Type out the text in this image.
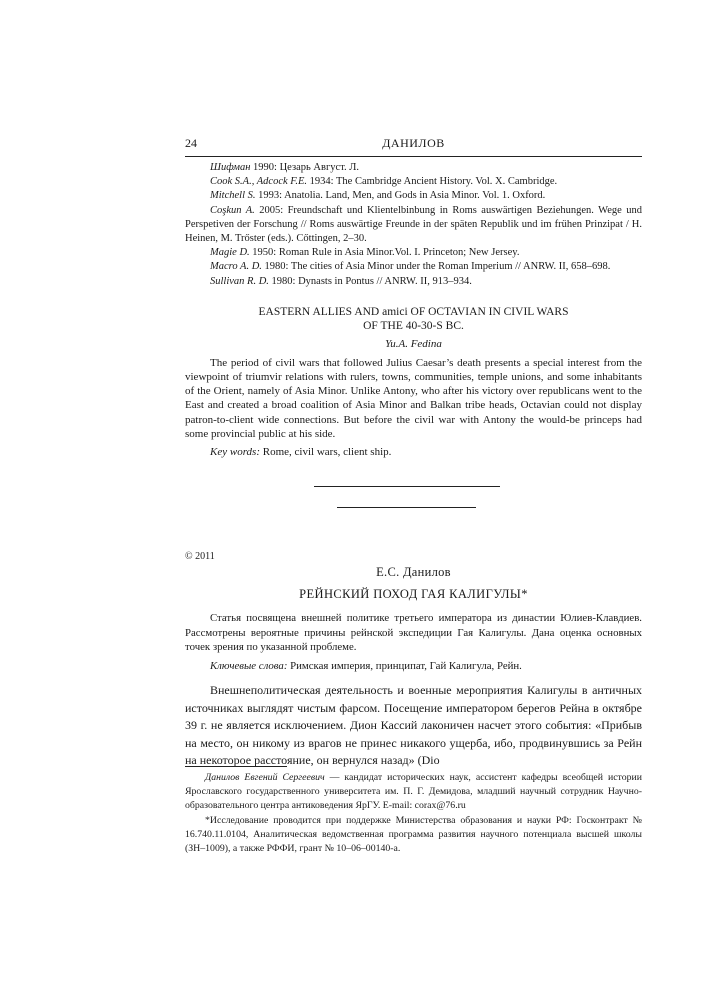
24	ДАНИЛОВ

Шифман 1990: Цезарь Август. Л.

Cook S.A., Adcock F.E. 1934: The Cambridge Ancient History. Vol. X. Cambridge.

Mitchell S. 1993: Anatolia. Land, Men, and Gods in Asia Minor. Vol. 1. Oxford.

Coşkun A. 2005: Freundschaft und Klientelbinbung in Roms auswärtigen Beziehungen. Wege und Perspetiven der Forschung // Roms auswärtige Freunde in der späten Republik und im frühen Prinzipat / H. Heinen, M. Trőster (eds.). Cőttingen, 2–30.

Magie D. 1950: Roman Rule in Asia Minor.Vol. I. Princeton; New Jersey.

Macro A. D. 1980: The cities of Asia Minor under the Roman Imperium // ANRW. II, 658–698.

Sullivan R. D. 1980: Dynasts in Pontus // ANRW. II, 913–934.

EASTERN ALLIES AND amici OF OCTAVIAN IN CIVIL WARS
OF THE 40-30-S BC.
Yu.A. Fedina

The period of civil wars that followed Julius Caesar’s death presents a special interest from the viewpoint of triumvir relations with rulers, towns, communities, temple unions, and some inhabitants of the Orient, namely of Asia Minor. Unlike Antony, who after his victory over republicans went to the East and created a broad coalition of Asia Minor and Balkan tribe heads, Octavian could not display patron-to-client wide connections. But before the civil war with Antony the would-be princeps had some provincial public at his side.

Key words: Rome, civil wars, client ship.

© 2011
Е.С. Данилов
РЕЙНСКИЙ ПОХОД ГАЯ КАЛИГУЛЫ*

Статья посвящена внешней политике третьего императора из династии Юлиев-Клавдиев. Рассмотрены вероятные причины рейнской экспедиции Гая Калигулы. Дана оценка основных точек зрения по указанной проблеме.

Ключевые слова: Римская империя, принципат, Гай Калигула, Рейн.

Внешнеполитическая деятельность и военные мероприятия Калигулы в античных источниках выглядят чистым фарсом. Посещение императором берегов Рейна в октябре 39 г. не является исключением. Дион Кассий лаконичен насчет этого события: «Прибыв на место, он никому из врагов не принес никакого ущерба, ибо, продвинувшись за Рейн на некоторое расстояние, он вернулся назад» (Dio

Данилов Евгений Сергеевич — кандидат исторических наук, ассистент кафедры всеобщей истории Ярославского государственного университета им. П. Г. Демидова, младший научный сотрудник Научно-образовательного центра антиковедения ЯрГУ. E-mail: corax@76.ru

*Исследование проводится при поддержке Министерства образования и науки РФ: Госконтракт № 16.740.11.0104, Аналитическая ведомственная программа развития научного потенциала высшей школы (ЗН–1009), а также РФФИ, грант № 10–06–00140-а.
